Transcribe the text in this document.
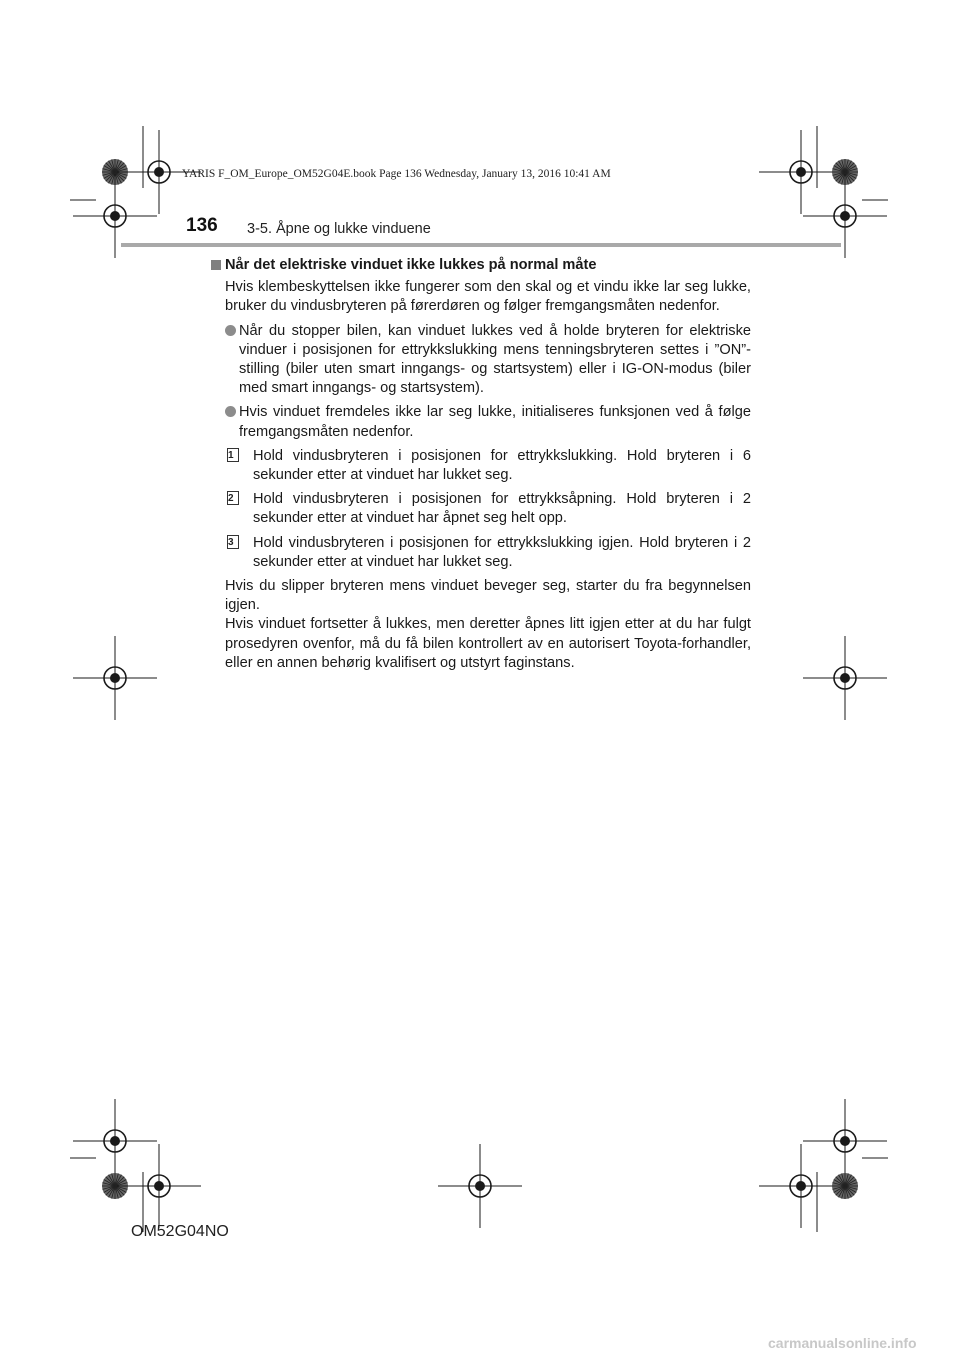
YARIS F_OM_Europe_OM52G04E.book Page 136 Wednesday, January 13, 2016 10:41 AM
136 3-5. Åpne og lukke vinduene
Når det elektriske vinduet ikke lukkes på normal måte

Hvis klembeskyttelsen ikke fungerer som den skal og et vindu ikke lar seg lukke, bruker du vindusbryteren på førerdøren og følger fremgangsmåten nedenfor.

Når du stopper bilen, kan vinduet lukkes ved å holde bryteren for elektriske vinduer i posisjonen for ettrykkslukking mens tenningsbryteren settes i ”ON”-stilling (biler uten smart inngangs- og startsystem) eller i IG-ON-modus (biler med smart inngangs- og startsystem).
Hvis vinduet fremdeles ikke lar seg lukke, initialiseres funksjonen ved å følge fremgangsmåten nedenfor.
1	Hold vindusbryteren i posisjonen for ettrykkslukking. Hold bryteren i 6 sekunder etter at vinduet har lukket seg.
2	Hold vindusbryteren i posisjonen for ettrykksåpning. Hold bryteren i 2 sekunder etter at vinduet har åpnet seg helt opp.
3	Hold vindusbryteren i posisjonen for ettrykkslukking igjen. Hold bryteren i 2 sekunder etter at vinduet har lukket seg.

Hvis du slipper bryteren mens vinduet beveger seg, starter du fra begynnelsen igjen.

Hvis vinduet fortsetter å lukkes, men deretter åpnes litt igjen etter at du har fulgt prosedyren ovenfor, må du få bilen kontrollert av en autorisert Toyota-forhandler, eller en annen behørig kvalifisert og utstyrt faginstans.

OM52G04NO
carmanualsonline.info
